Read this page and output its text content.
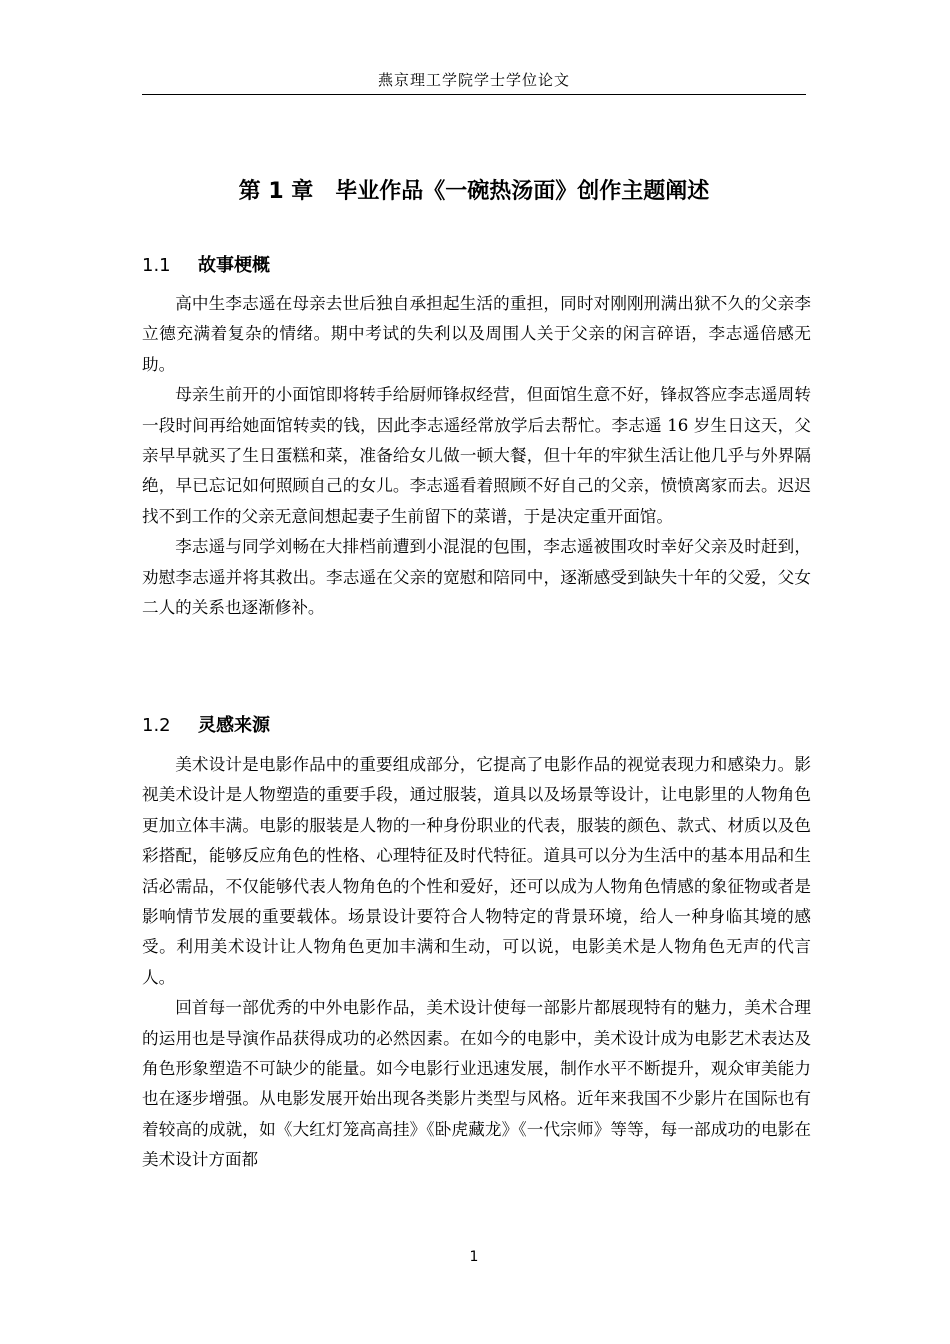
燕京理工学院学士学位论文
第 1 章　毕业作品《一碗热汤面》创作主题阐述
1.1 故事梗概

高中生李志遥在母亲去世后独自承担起生活的重担，同时对刚刚刑满出狱不久的父亲李立德充满着复杂的情绪。期中考试的失利以及周围人关于父亲的闲言碎语，李志遥倍感无助。

母亲生前开的小面馆即将转手给厨师锋叔经营，但面馆生意不好，锋叔答应李志遥周转一段时间再给她面馆转卖的钱，因此李志遥经常放学后去帮忙。李志遥 16 岁生日这天，父亲早早就买了生日蛋糕和菜，准备给女儿做一顿大餐，但十年的牢狱生活让他几乎与外界隔绝，早已忘记如何照顾自己的女儿。李志遥看着照顾不好自己的父亲，愤愤离家而去。迟迟找不到工作的父亲无意间想起妻子生前留下的菜谱，于是决定重开面馆。

李志遥与同学刘畅在大排档前遭到小混混的包围，李志遥被围攻时幸好父亲及时赶到，劝慰李志遥并将其救出。李志遥在父亲的宽慰和陪同中，逐渐感受到缺失十年的父爱，父女二人的关系也逐渐修补。

1.2 灵感来源

美术设计是电影作品中的重要组成部分，它提高了电影作品的视觉表现力和感染力。影视美术设计是人物塑造的重要手段，通过服装，道具以及场景等设计，让电影里的人物角色更加立体丰满。电影的服装是人物的一种身份职业的代表，服装的颜色、款式、材质以及色彩搭配，能够反应角色的性格、心理特征及时代特征。道具可以分为生活中的基本用品和生活必需品，不仅能够代表人物角色的个性和爱好，还可以成为人物角色情感的象征物或者是影响情节发展的重要载体。场景设计要符合人物特定的背景环境，给人一种身临其境的感受。利用美术设计让人物角色更加丰满和生动，可以说，电影美术是人物角色无声的代言人。

回首每一部优秀的中外电影作品，美术设计使每一部影片都展现特有的魅力，美术合理的运用也是导演作品获得成功的必然因素。在如今的电影中，美术设计成为电影艺术表达及角色形象塑造不可缺少的能量。如今电影行业迅速发展，制作水平不断提升，观众审美能力也在逐步增强。从电影发展开始出现各类影片类型与风格。近年来我国不少影片在国际也有着较高的成就，如《大红灯笼高高挂》《卧虎藏龙》《一代宗师》等等，每一部成功的电影在美术设计方面都

1
